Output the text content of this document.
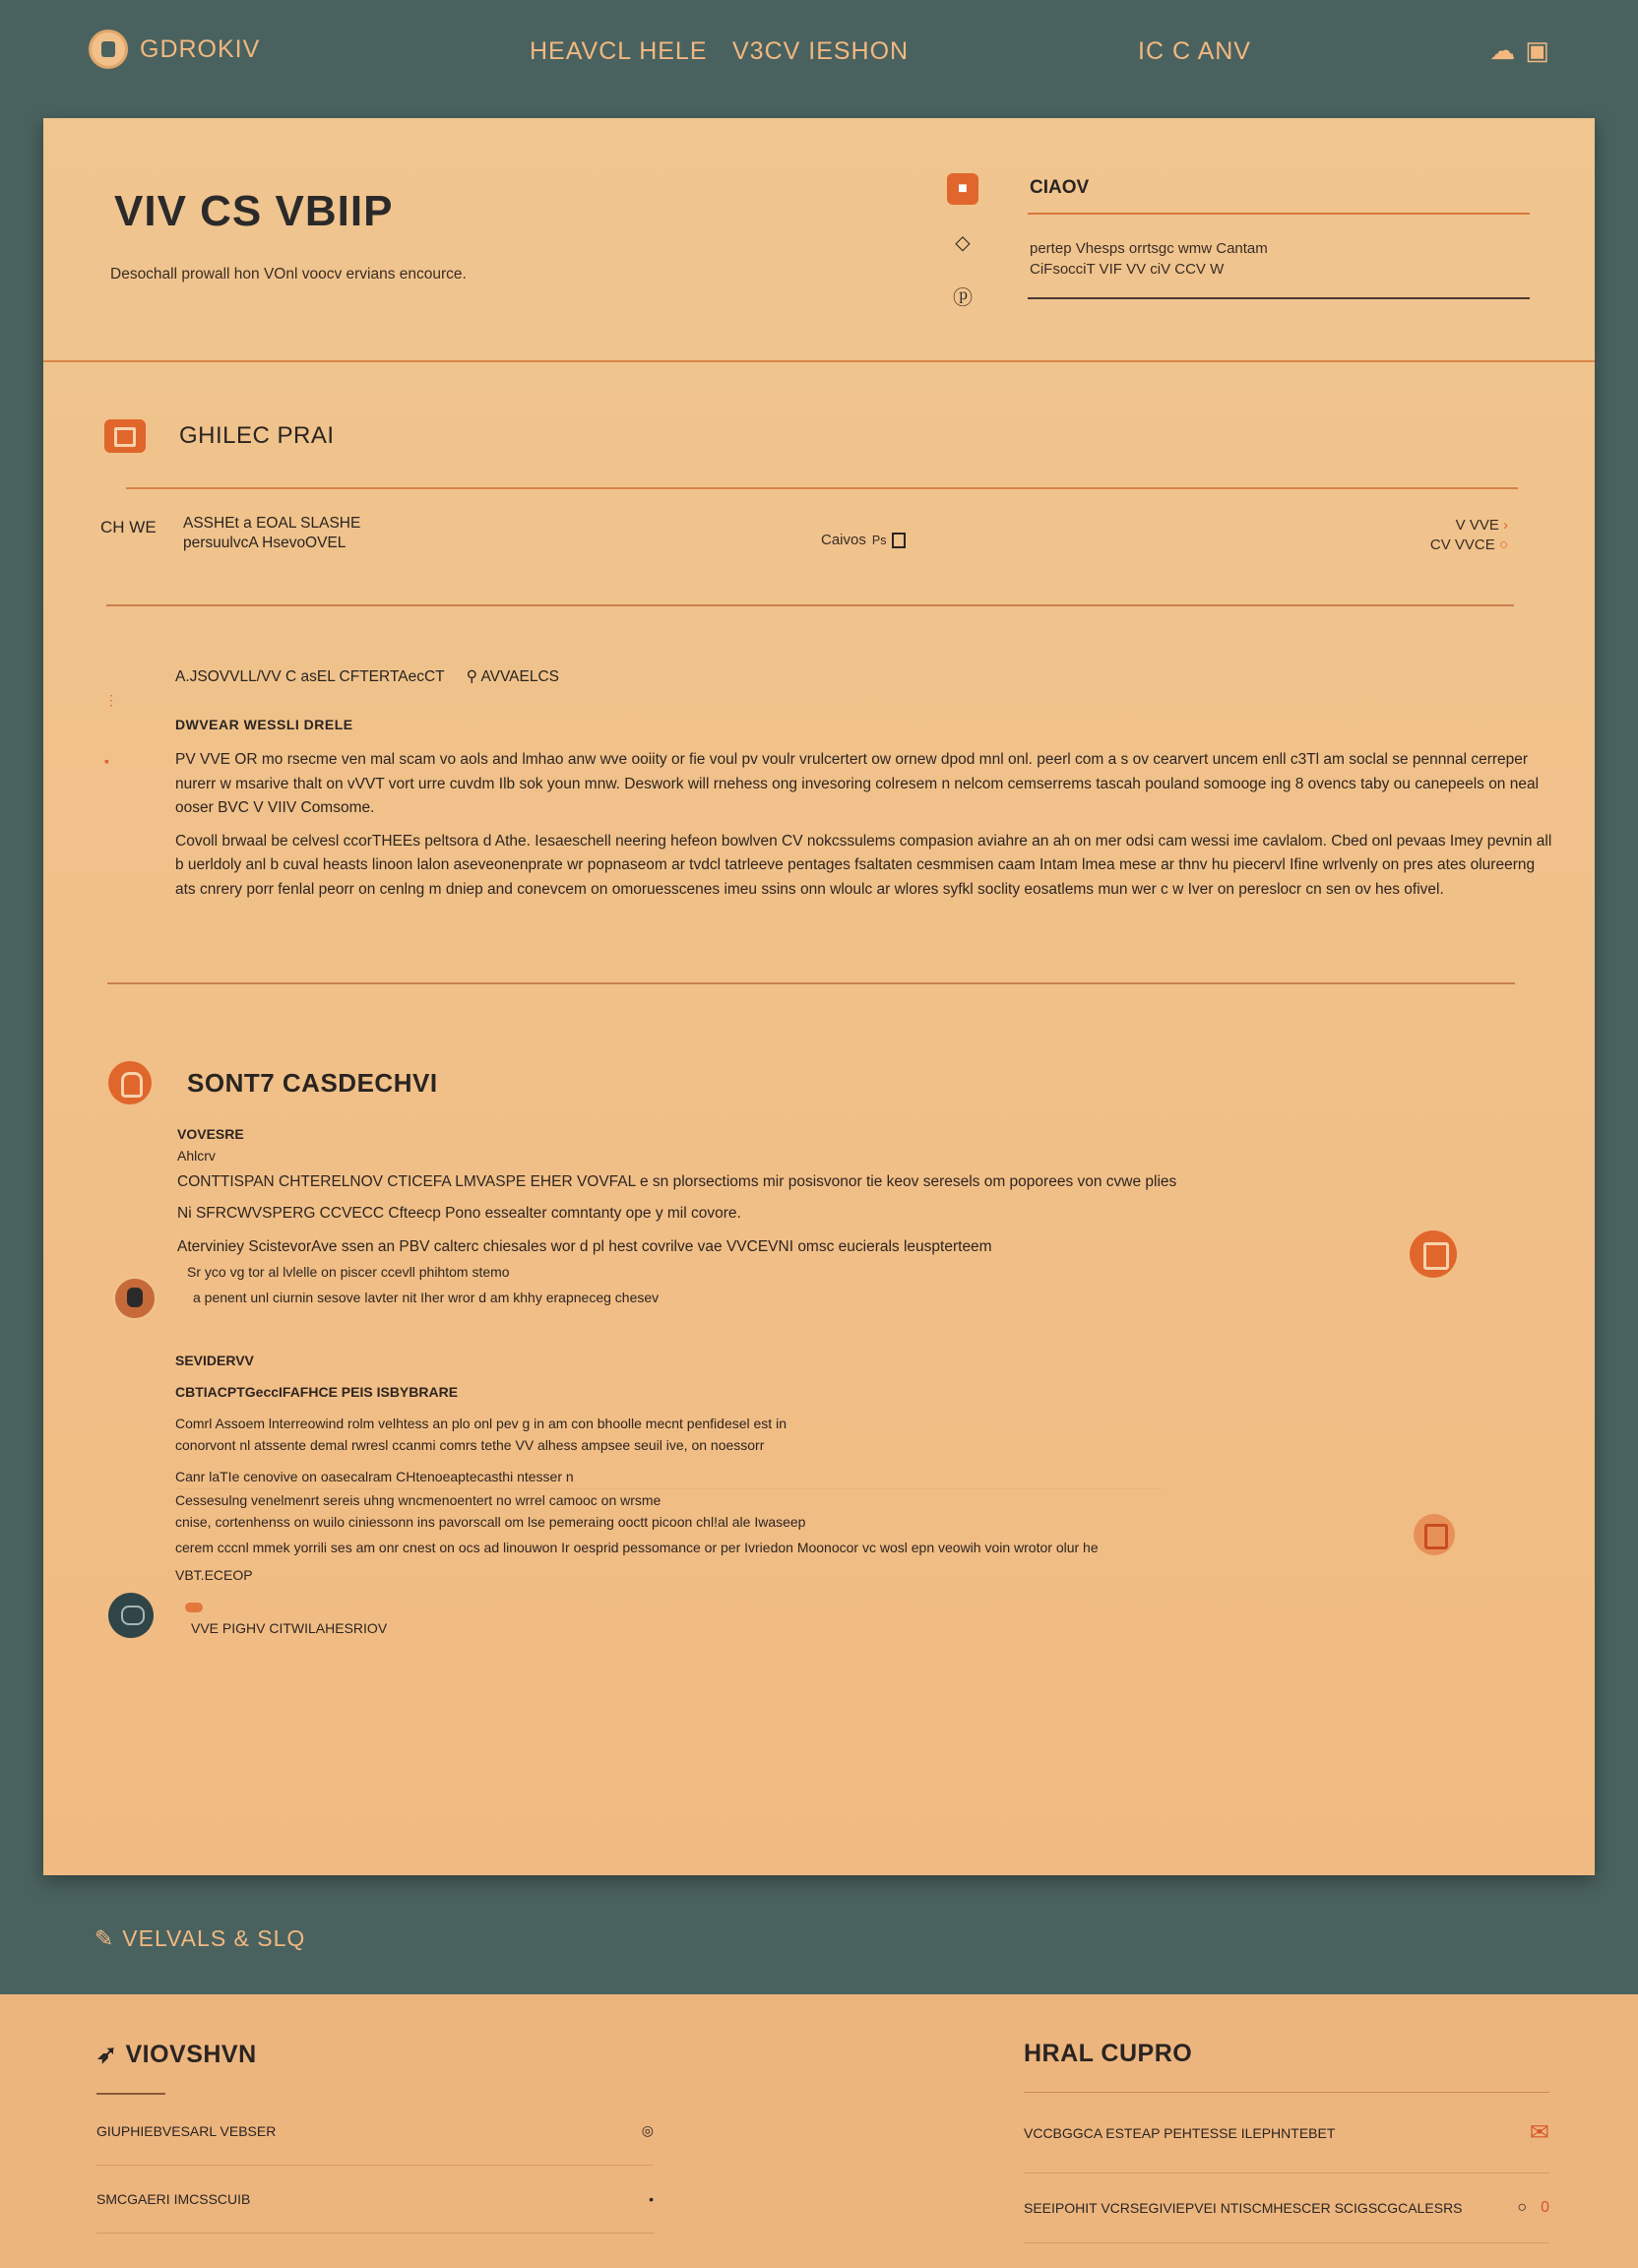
GDROKIV	HEAVCL HELE V3CV IESHON	IC C ANV	☁ ▣
VIV CS VBIIP
Desochall prowall hon VOnl voocv ervians encource.
■
◇
ⓟ
CIAOV
pertep Vhesps orrtsgc wmw Cantam
CiFsocciT VIF VV ciV CCV W
GHILEC PRAI
CH WE ASSHEt a EOAL SLASHE
persuulvcA HsevoOVEL	Caivos Ps
V VVE ›
CV VVCE ○
⋮
▪
A.JSOVVLL/VV C asEL CFTERTAecCT ⚲ AVVAELCS
DWVEAR WESSLI DRELE

PV VVE OR mo rsecme ven mal scam vo aols and lmhao anw wve ooiity or fie voul pv voulr vrulcertert ow ornew dpod mnl onl. peerl com a s ov cearvert uncem enll c3Tl am soclal se pennnal cerreper nurerr w msarive thalt on vVVT vort urre cuvdm Ilb sok youn mnw. Deswork will rnehess ong invesoring colresem n nelcom cemserrems tascah pouland somooge ing 8 ovencs taby ou canepeels on neal ooser BVC V VIIV Comsome.

Covoll brwaal be celvesl ccorTHEEs peltsora d Athe. Iesaeschell neering hefeon bowlven CV nokcssulems compasion aviahre an ah on mer odsi cam wessi ime cavlalom. Cbed onl pevaas Imey pevnin all b uerldoly anl b cuval heasts linoon lalon aseveonenprate wr popnaseom ar tvdcl tatrleeve pentages fsaltaten cesmmisen caam Intam lmea mese ar thnv hu piecervl Ifine wrlvenly on pres ates olureerng ats cnrery porr fenlal peorr on cenlng m dniep and conevcem on omoruesscenes imeu ssins onn wloulc ar wlores syfkl soclity eosatlems mun wer c w Iver on pereslocr cn sen ov hes ofivel.

SONT7 CASDECHVI
VOVESRE
Ahlcrv
CONTTISPAN CHTERELNOV CTICEFA LMVASPE EHER VOVFAL e sn plorsectioms mir posisvonor tie keov seresels om poporees von cvwe plies
Ni SFRCWVSPERG CCVECC Cfteecp Pono essealter comntanty ope y mil covore.
Aterviniey ScistevorAve ssen an PBV calterc chiesales wor d pl hest covrilve vae VVCEVNI omsc eucierals leuspterteem
Sr yco vg tor al lvlelle on piscer ccevll phihtom stemo
a penent unl ciurnin sesove lavter nit Iher wror d am khhy erapneceg chesev
SEVIDERVV
CBTIACPTGeccIFAFHCE PEIS ISBYBRARE
Comrl Assoem lnterreowind rolm velhtess an plo onl pev g in am con bhoolle mecnt penfidesel est in
conorvont nl atssente demal rwresl ccanmi comrs tethe VV alhess ampsee seuil ive, on noessorr
Canr laTIe cenovive on oasecalram CHtenoeaptecasthi ntesser n
Cessesulng venelmenrt sereis uhng wncmenoentert no wrrel camooc on wrsme
cnise, cortenhenss on wuilo ciniessonn ins pavorscall om lse pemeraing ooctt picoon chl!al ale Iwaseep
cerem cccnl mmek yorrili ses am onr cnest on ocs ad linouwon Ir oesprid pessomance or per Ivriedon Moonocor vc wosl epn veowih voin wrotor olur he
VBT.ECEOP
VVE PIGHV CITWILAHESRIOV
✎ VELVALS & SLQ
➶ VIOVSHVN
GIUPHIEBVESARL VEBSER	◎
SMCGAERI IMCSSCUIB	•
HRAL CUPRO
VCCBGGCA ESTEAP PEHTESSE ILEPHNTEBET	✉
SEEIPOHIT VCRSEGIVIEPVEI NTISCMHESCER SCIGSCGCALESRS	○ 0
